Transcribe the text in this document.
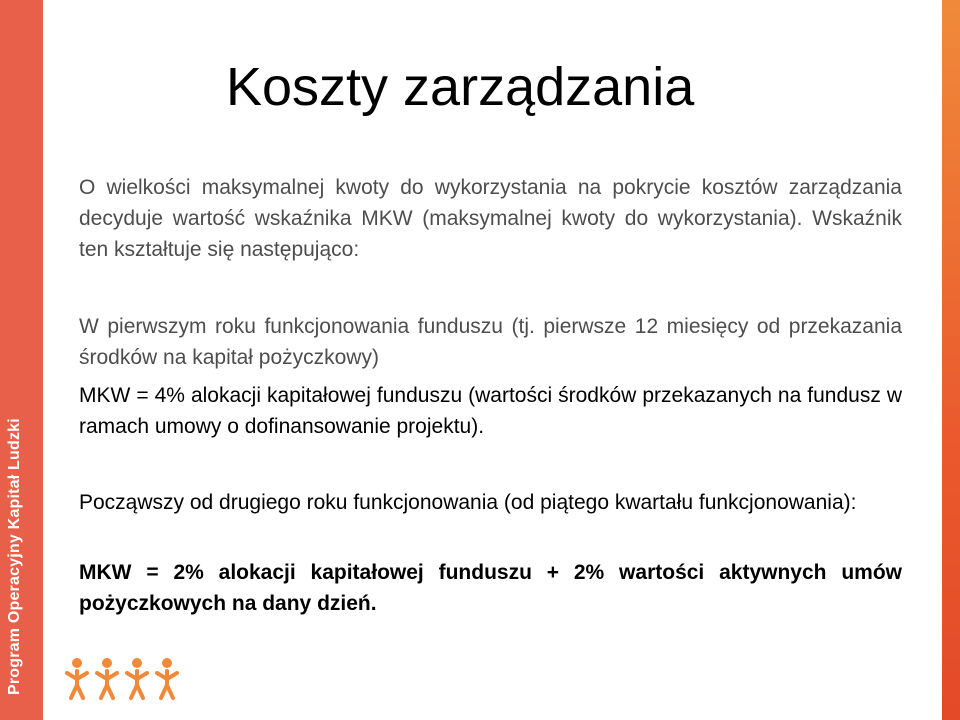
Program Operacyjny Kapitał Ludzki
Koszty zarządzania

O wielkości maksymalnej kwoty do wykorzystania na pokrycie kosztów zarządzania decyduje wartość wskaźnika MKW (maksymalnej kwoty do wykorzystania). Wskaźnik ten kształtuje się następująco:

W pierwszym roku funkcjonowania funduszu (tj. pierwsze 12 miesięcy od przekazania środków na kapitał pożyczkowy)

MKW = 4% alokacji kapitałowej funduszu (wartości środków przekazanych na fundusz w ramach umowy o dofinansowanie projektu).

Począwszy od drugiego roku funkcjonowania (od piątego kwartału funkcjonowania):

MKW = 2% alokacji kapitałowej funduszu + 2% wartości aktywnych umów pożyczkowych na dany dzień.
